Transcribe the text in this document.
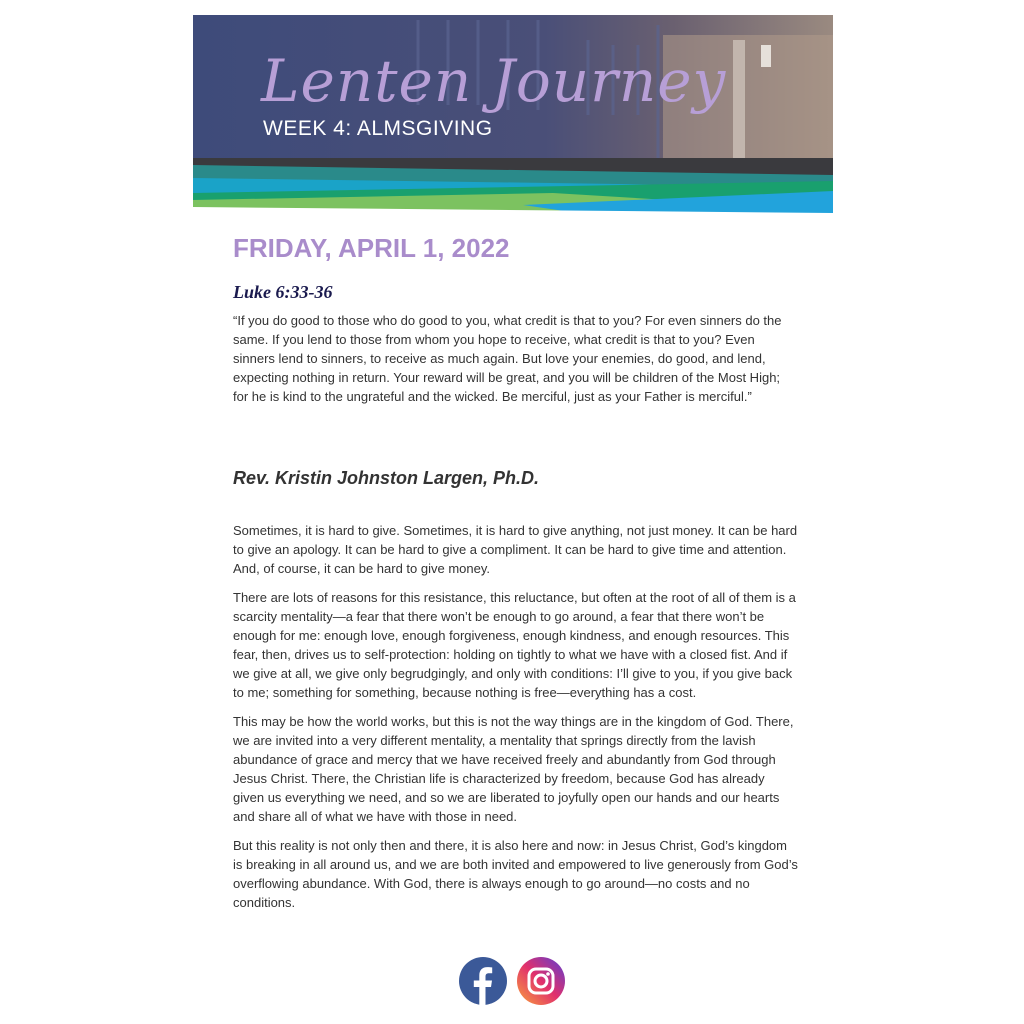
Lenten Journey
WEEK 4: ALMSGIVING
FRIDAY, APRIL 1, 2022
Luke 6:33-36

“If you do good to those who do good to you, what credit is that to you? For even sinners do the same. If you lend to those from whom you hope to receive, what credit is that to you? Even sinners lend to sinners, to receive as much again. But love your enemies, do good, and lend, expecting nothing in return. Your reward will be great, and you will be children of the Most High; for he is kind to the ungrateful and the wicked. Be merciful, just as your Father is merciful.”

Rev. Kristin Johnston Largen, Ph.D.

Sometimes, it is hard to give. Sometimes, it is hard to give anything, not just money. It can be hard to give an apology. It can be hard to give a compliment. It can be hard to give time and attention. And, of course, it can be hard to give money.

There are lots of reasons for this resistance, this reluctance, but often at the root of all of them is a scarcity mentality—a fear that there won’t be enough to go around, a fear that there won’t be enough for me: enough love, enough forgiveness, enough kindness, and enough resources. This fear, then, drives us to self-protection: holding on tightly to what we have with a closed fist. And if we give at all, we give only begrudgingly, and only with conditions: I’ll give to you, if you give back to me; something for something, because nothing is free—everything has a cost.

This may be how the world works, but this is not the way things are in the kingdom of God. There, we are invited into a very different mentality, a mentality that springs directly from the lavish abundance of grace and mercy that we have received freely and abundantly from God through Jesus Christ. There, the Christian life is characterized by freedom, because God has already given us everything we need, and so we are liberated to joyfully open our hands and our hearts and share all of what we have with those in need.

But this reality is not only then and there, it is also here and now: in Jesus Christ, God’s kingdom is breaking in all around us, and we are both invited and empowered to live generously from God’s overflowing abundance. With God, there is always enough to go around—no costs and no conditions.
